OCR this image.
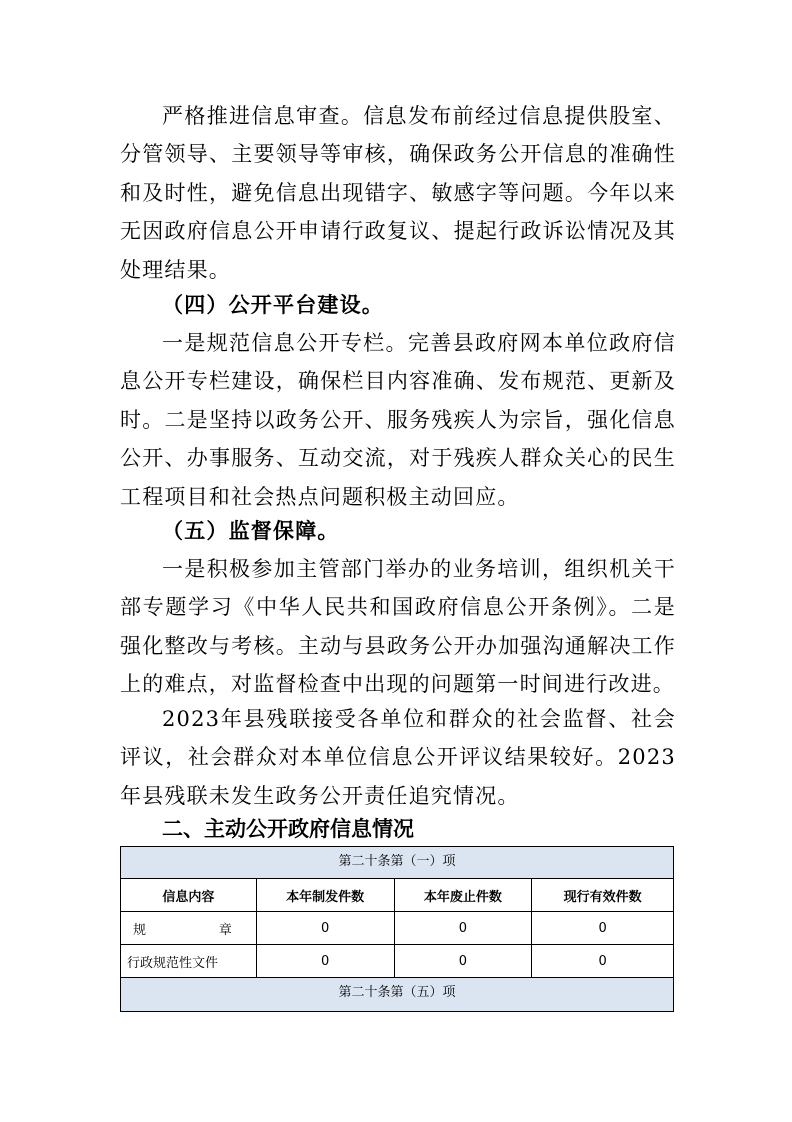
严格推进信息审查。信息发布前经过信息提供股室、分管领导、主要领导等审核，确保政务公开信息的准确性和及时性，避免信息出现错字、敏感字等问题。今年以来无因政府信息公开申请行政复议、提起行政诉讼情况及其处理结果。

（四）公开平台建设。

一是规范信息公开专栏。完善县政府网本单位政府信息公开专栏建设，确保栏目内容准确、发布规范、更新及时。二是坚持以政务公开、服务残疾人为宗旨，强化信息公开、办事服务、互动交流，对于残疾人群众关心的民生工程项目和社会热点问题积极主动回应。

（五）监督保障。

一是积极参加主管部门举办的业务培训，组织机关干部专题学习《中华人民共和国政府信息公开条例》。二是强化整改与考核。主动与县政务公开办加强沟通解决工作上的难点，对监督检查中出现的问题第一时间进行改进。

2023年县残联接受各单位和群众的社会监督、社会评议，社会群众对本单位信息公开评议结果较好。2023年县残联未发生政务公开责任追究情况。

二、主动公开政府信息情况

第二十条第（一）项			
信息内容	本年制发件数	本年废止件数	现行有效件数

规 章	0	0	0
行政规范性文件	0	0	0
第二十条第（五）项			
